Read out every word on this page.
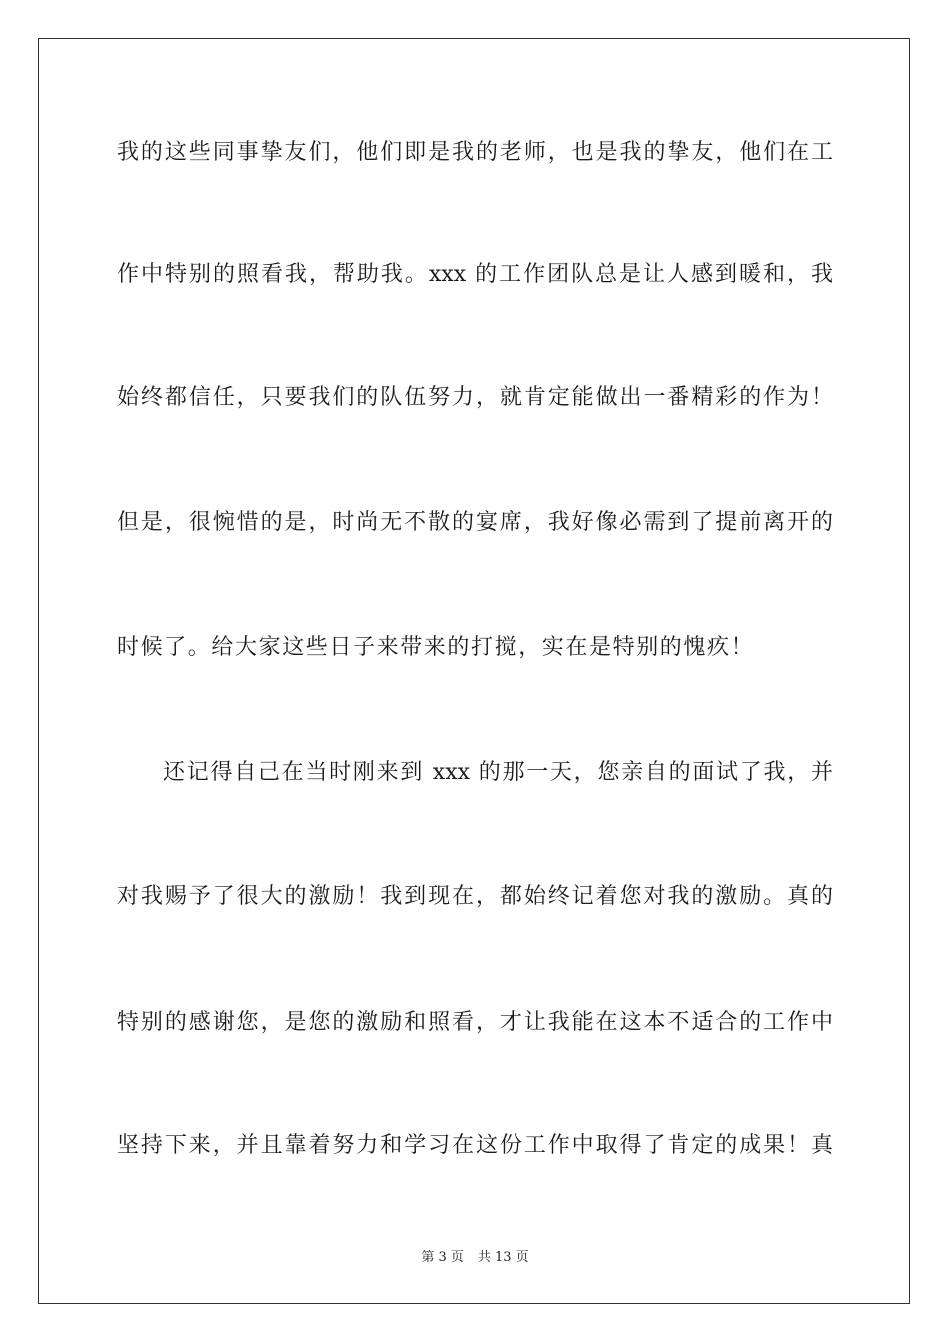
我的这些同事挚友们，他们即是我的老师，也是我的挚友，他们在工
作中特别的照看我，帮助我。xxx 的工作团队总是让人感到暖和，我
始终都信任，只要我们的队伍努力，就肯定能做出一番精彩的作为！
但是，很惋惜的是，时尚无不散的宴席，我好像必需到了提前离开的
时候了。给大家这些日子来带来的打搅，实在是特别的愧疚！
还记得自己在当时刚来到 xxx 的那一天，您亲自的面试了我，并
对我赐予了很大的激励！我到现在，都始终记着您对我的激励。真的
特别的感谢您，是您的激励和照看，才让我能在这本不适合的工作中
坚持下来，并且靠着努力和学习在这份工作中取得了肯定的成果！真
第 3 页 共 13 页
